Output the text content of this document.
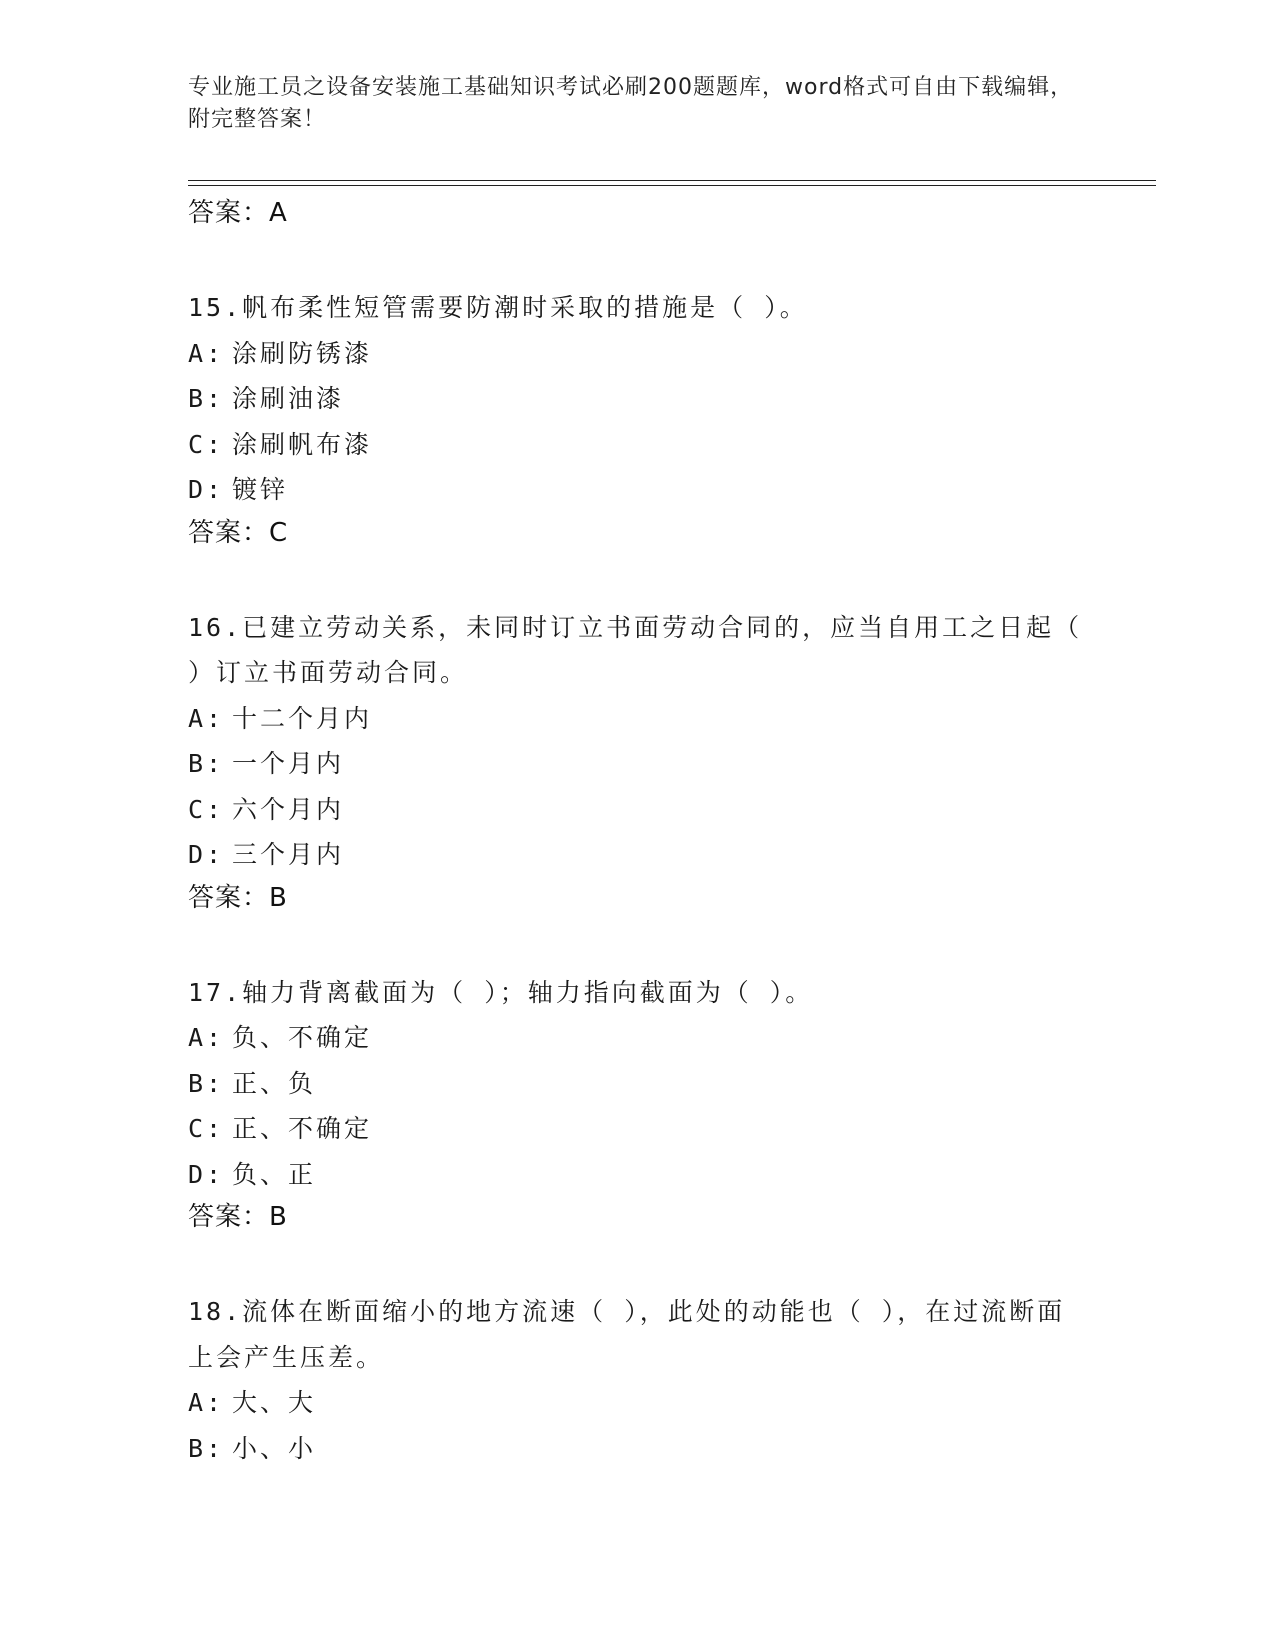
专业施工员之设备安装施工基础知识考试必刷200题题库，word格式可自由下载编辑，附完整答案！
答案：A

15.帆布柔性短管需要防潮时采取的措施是（ ）。

A: 涂刷防锈漆
B: 涂刷油漆
C: 涂刷帆布漆
D: 镀锌
答案：C

16.已建立劳动关系，未同时订立书面劳动合同的，应当自用工之日起（ ）订立书面劳动合同。

A: 十二个月内
B: 一个月内
C: 六个月内
D: 三个月内
答案：B

17.轴力背离截面为（ ）；轴力指向截面为（ ）。

A: 负、不确定
B: 正、负
C: 正、不确定
D: 负、正
答案：B

18.流体在断面缩小的地方流速（ ），此处的动能也（ ），在过流断面上会产生压差。

A: 大、大
B: 小、小
